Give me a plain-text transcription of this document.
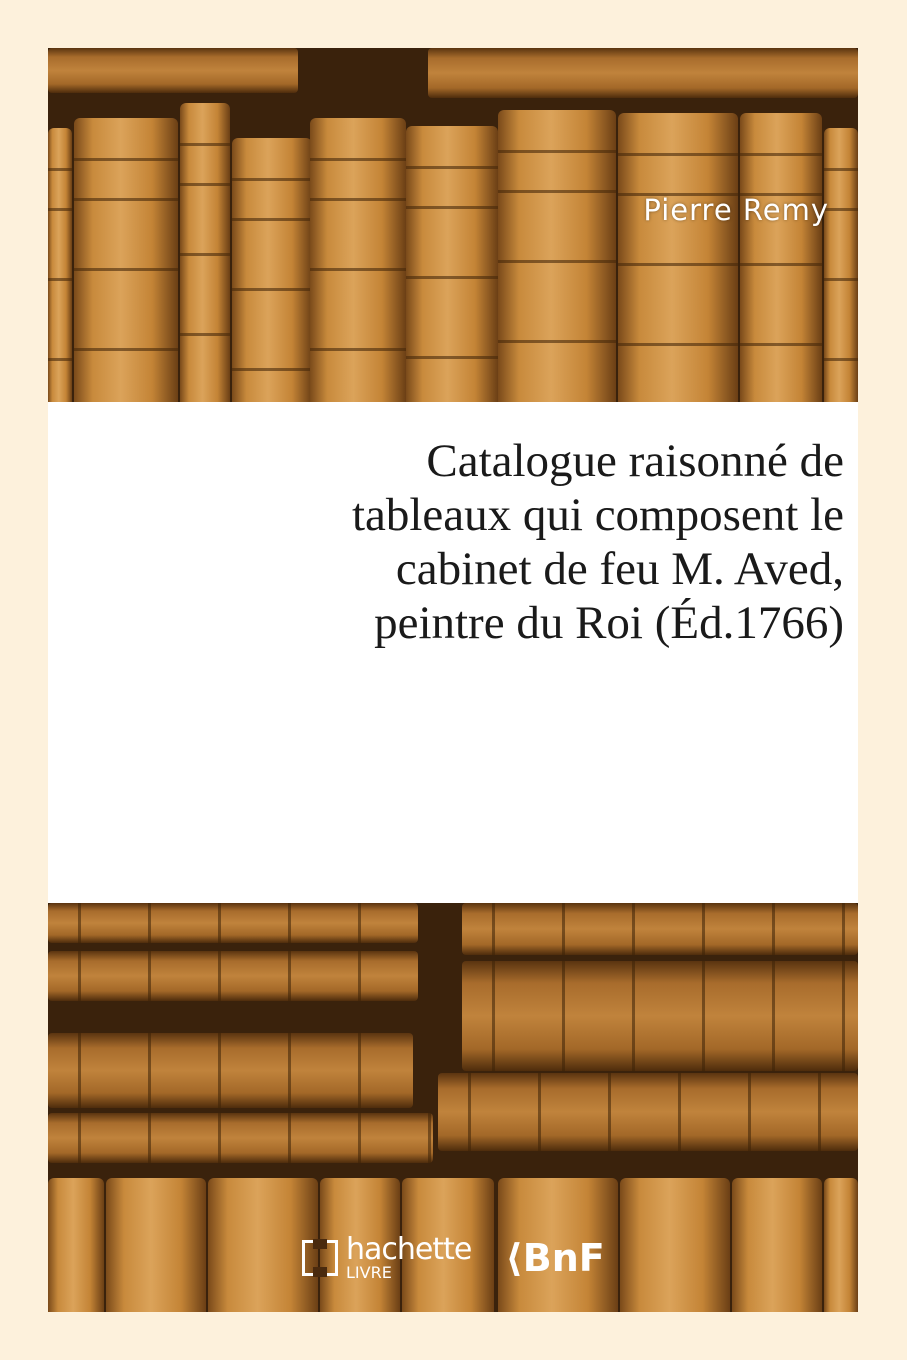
Pierre Remy
Catalogue raisonné de
tableaux qui composent le
cabinet de feu M. Aved,
peintre du Roi (Éd.1766)
hachette
LIVRE	⟨BnF
